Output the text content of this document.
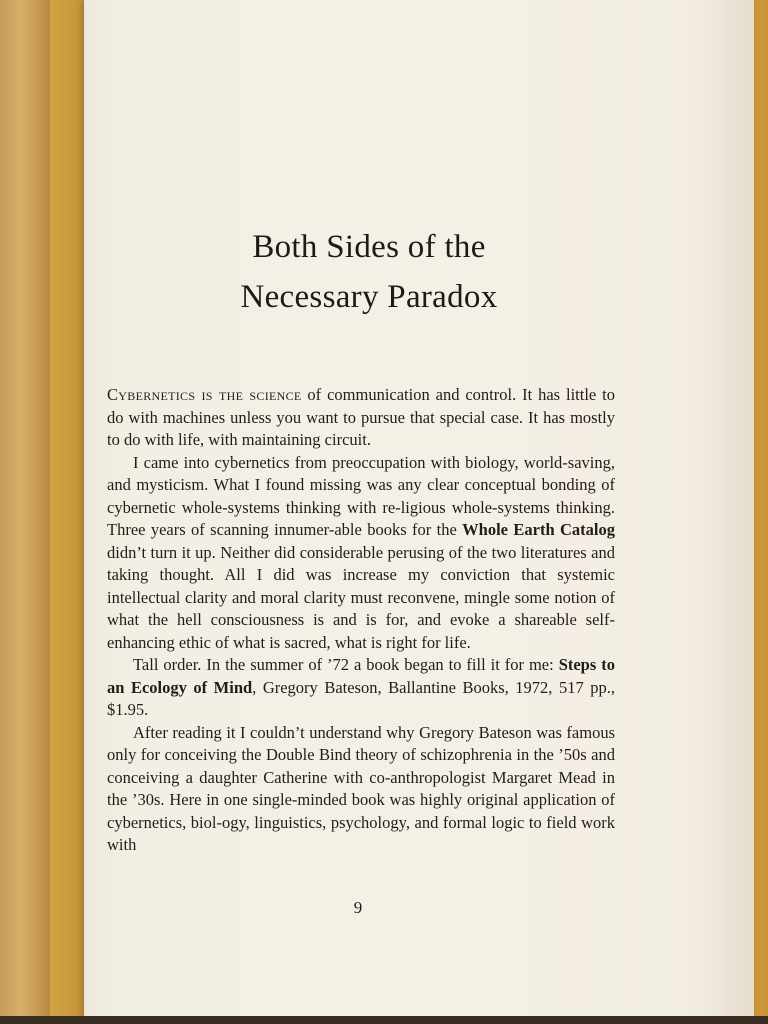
Both Sides of the
Necessary Paradox

Cybernetics is the science of communication and control. It has little to do with machines unless you want to pursue that special case. It has mostly to do with life, with maintaining circuit.

I came into cybernetics from preoccupation with biology, world-saving, and mysticism. What I found missing was any clear conceptual bonding of cybernetic whole-systems thinking with re-ligious whole-systems thinking. Three years of scanning innumer-able books for the Whole Earth Catalog didn’t turn it up. Neither did considerable perusing of the two literatures and taking thought. All I did was increase my conviction that systemic intellectual clarity and moral clarity must reconvene, mingle some notion of what the hell consciousness is and is for, and evoke a shareable self-enhancing ethic of what is sacred, what is right for life.

Tall order. In the summer of ’72 a book began to fill it for me: Steps to an Ecology of Mind, Gregory Bateson, Ballantine Books, 1972, 517 pp., $1.95.

After reading it I couldn’t understand why Gregory Bateson was famous only for conceiving the Double Bind theory of schizophrenia in the ’50s and conceiving a daughter Catherine with co-anthropologist Margaret Mead in the ’30s. Here in one single-minded book was highly original application of cybernetics, biol-ogy, linguistics, psychology, and formal logic to field work with

9
